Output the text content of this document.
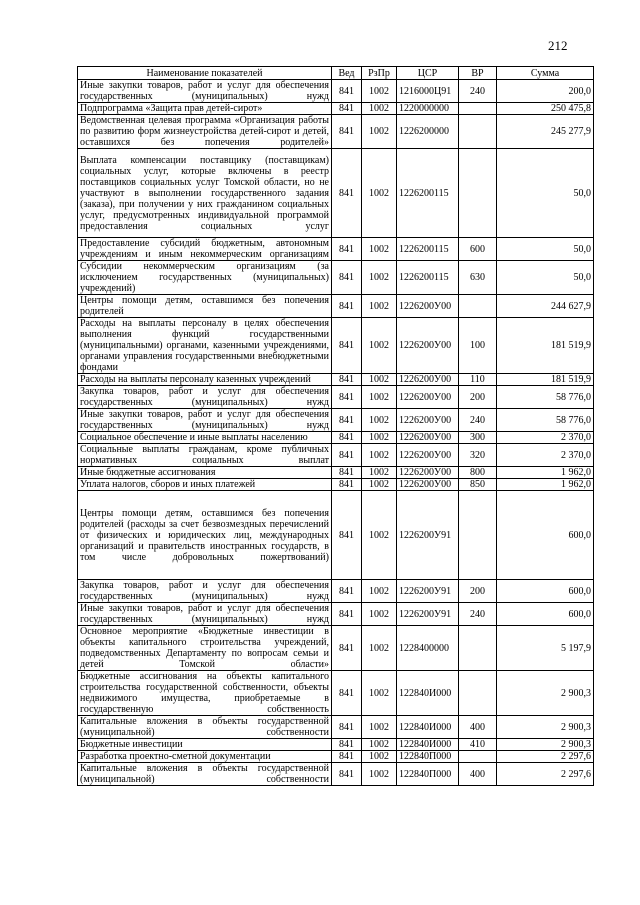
212
Наименование показателей	Вед	РзПр	ЦСР	ВР	Сумма
Иные закупки товаров, работ и услуг для обеспечения государственных (муниципальных) нужд	841	1002	1216000Ц91	240	200,0
Подпрограмма «Защита прав детей-сирот»	841	1002	1220000000		250 475,8
Ведомственная целевая программа «Организация работы по развитию форм жизнеустройства детей-сирот и детей, оставшихся без попечения родителей»	841	1002	1226200000		245 277,9
Выплата компенсации поставщику (поставщикам) социальных услуг, которые включены в реестр поставщиков социальных услуг Томской области, но не участвуют в выполнении государственного задания (заказа), при получении у них гражданином социальных услуг, предусмотренных индивидуальной программой предоставления социальных услуг	841	1002	1226200115		50,0
Предоставление субсидий бюджетным, автономным учреждениям и иным некоммерческим организациям	841	1002	1226200115	600	50,0
Субсидии некоммерческим организациям (за исключением государственных (муниципальных) учреждений)	841	1002	1226200115	630	50,0
Центры помощи детям, оставшимся без попечения родителей	841	1002	1226200У00		244 627,9
Расходы на выплаты персоналу в целях обеспечения выполнения функций государственными (муниципальными) органами, казенными учреждениями, органами управления государственными внебюджетными фондами	841	1002	1226200У00	100	181 519,9
Расходы на выплаты персоналу казенных учреждений	841	1002	1226200У00	110	181 519,9
Закупка товаров, работ и услуг для обеспечения государственных (муниципальных) нужд	841	1002	1226200У00	200	58 776,0
Иные закупки товаров, работ и услуг для обеспечения государственных (муниципальных) нужд	841	1002	1226200У00	240	58 776,0
Социальное обеспечение и иные выплаты населению	841	1002	1226200У00	300	2 370,0
Социальные выплаты гражданам, кроме публичных нормативных социальных выплат	841	1002	1226200У00	320	2 370,0
Иные бюджетные ассигнования	841	1002	1226200У00	800	1 962,0
Уплата налогов, сборов и иных платежей	841	1002	1226200У00	850	1 962,0
Центры помощи детям, оставшимся без попечения родителей (расходы за счет безвозмездных перечислений от физических и юридических лиц, международных организаций и правительств иностранных государств, в том числе добровольных пожертвований)	841	1002	1226200У91		600,0
Закупка товаров, работ и услуг для обеспечения государственных (муниципальных) нужд	841	1002	1226200У91	200	600,0
Иные закупки товаров, работ и услуг для обеспечения государственных (муниципальных) нужд	841	1002	1226200У91	240	600,0
Основное мероприятие «Бюджетные инвестиции в объекты капитального строительства учреждений, подведомственных Департаменту по вопросам семьи и детей Томской области»	841	1002	1228400000		5 197,9
Бюджетные ассигнования на объекты капитального строительства государственной собственности, объекты недвижимого имущества, приобретаемые в государственную собственность	841	1002	122840И000		2 900,3
Капитальные вложения в объекты государственной (муниципальной) собственности	841	1002	122840И000	400	2 900,3
Бюджетные инвестиции	841	1002	122840И000	410	2 900,3
Разработка проектно-сметной документации	841	1002	122840П000		2 297,6
Капитальные вложения в объекты государственной (муниципальной) собственности	841	1002	122840П000	400	2 297,6
